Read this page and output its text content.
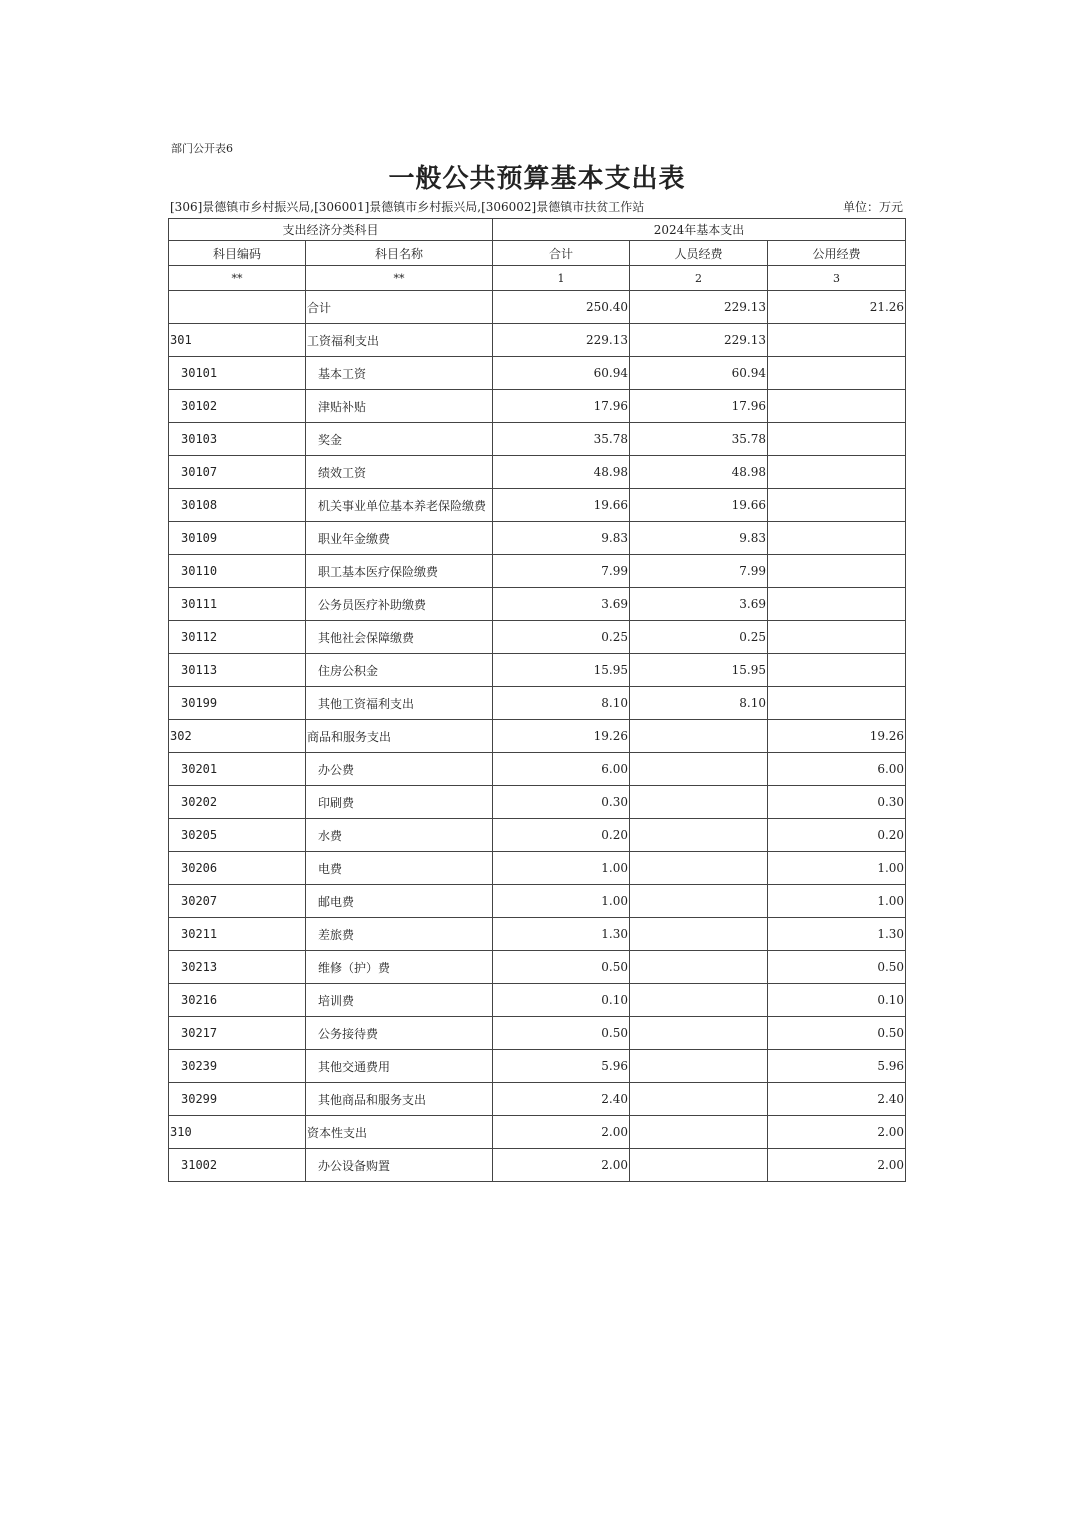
部门公开表6
一般公共预算基本支出表
[306]景德镇市乡村振兴局,[306001]景德镇市乡村振兴局,[306002]景德镇市扶贫工作站	单位：万元
支出经济分类科目		2024年基本支出		
科目编码	科目名称	合计	人员经费	公用经费
**	**	1	2	3
	合计	250.40	229.13	21.26
301	工资福利支出	229.13	229.13	
30101	基本工资	60.94	60.94	
30102	津贴补贴	17.96	17.96	
30103	奖金	35.78	35.78	
30107	绩效工资	48.98	48.98	
30108	机关事业单位基本养老保险缴费	19.66	19.66	
30109	职业年金缴费	9.83	9.83	
30110	职工基本医疗保险缴费	7.99	7.99	
30111	公务员医疗补助缴费	3.69	3.69	
30112	其他社会保障缴费	0.25	0.25	
30113	住房公积金	15.95	15.95	
30199	其他工资福利支出	8.10	8.10	
302	商品和服务支出	19.26		19.26
30201	办公费	6.00		6.00
30202	印刷费	0.30		0.30
30205	水费	0.20		0.20
30206	电费	1.00		1.00
30207	邮电费	1.00		1.00
30211	差旅费	1.30		1.30
30213	维修（护）费	0.50		0.50
30216	培训费	0.10		0.10
30217	公务接待费	0.50		0.50
30239	其他交通费用	5.96		5.96
30299	其他商品和服务支出	2.40		2.40
310	资本性支出	2.00		2.00
31002	办公设备购置	2.00		2.00
